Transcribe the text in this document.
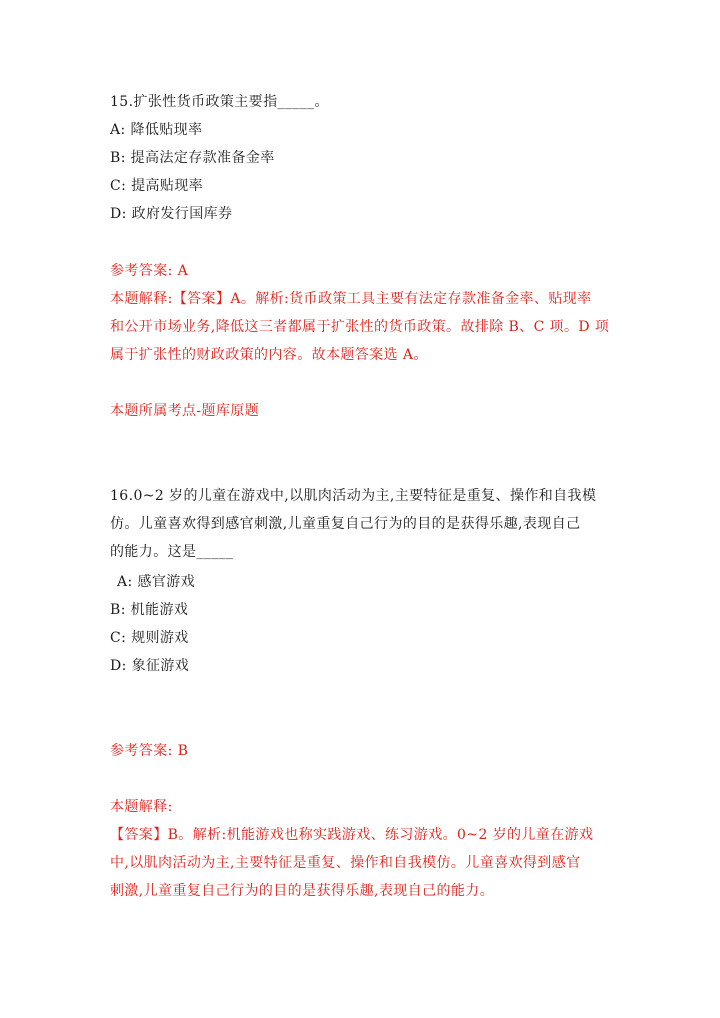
15.扩张性货币政策主要指_____。
A: 降低贴现率
B: 提高法定存款准备金率
C: 提高贴现率
D: 政府发行国库券
参考答案: A
本题解释:【答案】A。解析:货币政策工具主要有法定存款准备金率、贴现率
和公开市场业务,降低这三者都属于扩张性的货币政策。故排除 B、C 项。D 项
属于扩张性的财政政策的内容。故本题答案选 A。
本题所属考点-题库原题
16.0~2 岁的儿童在游戏中,以肌肉活动为主,主要特征是重复、操作和自我模
仿。儿童喜欢得到感官刺激,儿童重复自己行为的目的是获得乐趣,表现自己
的能力。这是_____
A: 感官游戏
B: 机能游戏
C: 规则游戏
D: 象征游戏
参考答案: B
本题解释:
【答案】B。解析:机能游戏也称实践游戏、练习游戏。0~2 岁的儿童在游戏
中,以肌肉活动为主,主要特征是重复、操作和自我模仿。儿童喜欢得到感官
刺激,儿童重复自己行为的目的是获得乐趣,表现自己的能力。
